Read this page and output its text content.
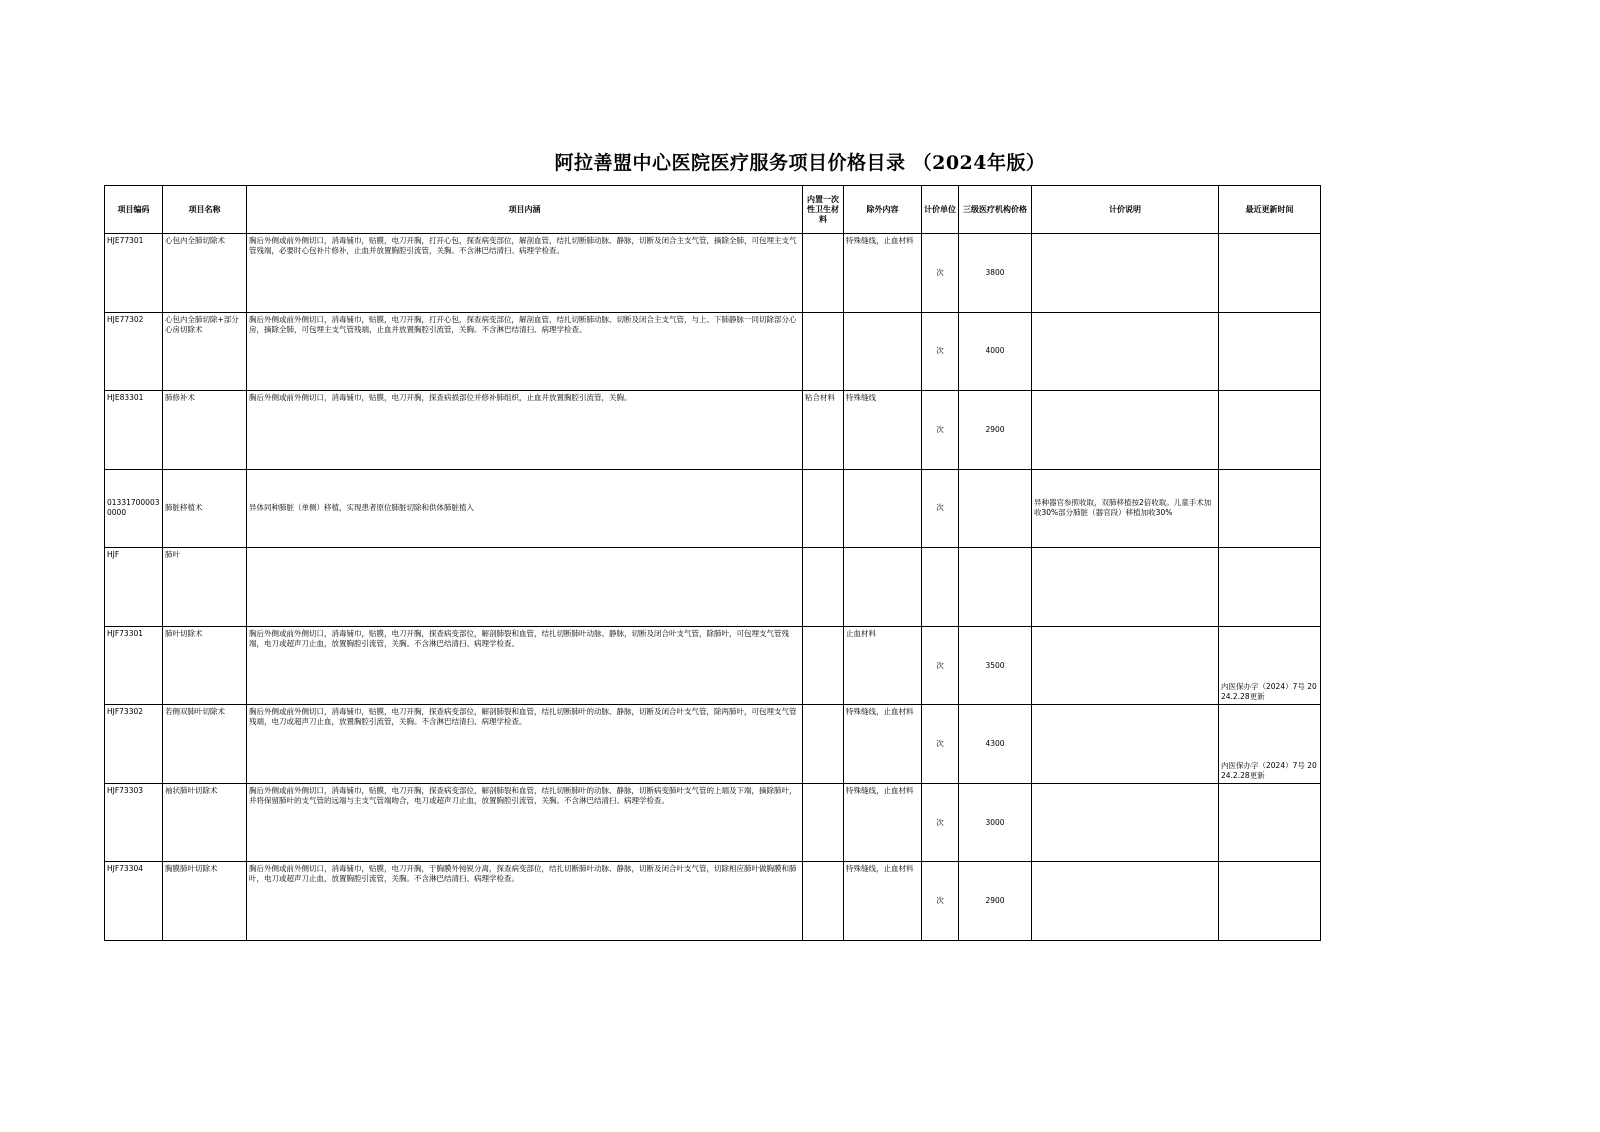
阿拉善盟中心医院医疗服务项目价格目录 （2024年版）
项目编码	项目名称	项目内涵	内置一次性卫生材料	除外内容	计价单位	三级医疗机构价格	计价说明	最近更新时间
HJE77301	心包内全肺切除术	胸后外侧或前外侧切口，消毒铺巾，贴膜，电刀开胸，打开心包，探查病变部位，解剖血管，结扎切断肺动脉、静脉，切断及闭合主支气管，摘除全肺，可包埋主支气管残端，必要时心包补片修补，止血并放置胸腔引流管，关胸。不含淋巴结清扫、病理学检查。		特殊缝线，止血材料	次	3800		
HJE77302	心包内全肺切除+部分心房切除术	胸后外侧或前外侧切口，消毒铺巾，贴膜，电刀开胸，打开心包，探查病变部位，解剖血管，结扎切断肺动脉、切断及闭合主支气管，与上、下肺静脉一同切除部分心房，摘除全肺，可包埋主支气管残端，止血并放置胸腔引流管，关胸。不含淋巴结清扫、病理学检查。			次	4000		
HJE83301	肺修补术	胸后外侧或前外侧切口，消毒铺巾，贴膜，电刀开胸，探查病损部位并修补肺组织，止血并放置胸腔引流管，关胸。	粘合材料	特殊缝线	次	2900		
013317000030000	肺脏移植术	异体同种肺脏（单侧）移植，实现患者原位肺脏切除和供体肺脏植入			次		异种器官参照收取，双肺移植按2倍收取。儿童手术加收30%部分肺脏（器官段）移植加收30%	
HJF	肺叶							
HJF73301	肺叶切除术	胸后外侧或前外侧切口，消毒铺巾，贴膜，电刀开胸，探查病变部位，解剖肺裂和血管，结扎切断肺叶动脉、静脉，切断及闭合叶支气管，除肺叶，可包埋支气管残端，电刀或超声刀止血，放置胸腔引流管，关胸。不含淋巴结清扫、病理学检查。		止血材料	次	3500		内医保办字（2024）7号 2024.2.28更新
HJF73302	若侧双肺叶切除术	胸后外侧或前外侧切口，消毒铺巾，贴膜，电刀开胸，探查病变部位，解剖肺裂和血管，结扎切断肺叶的动脉、静脉，切断及闭合叶支气管，除两肺叶，可包埋支气管残端，电刀或超声刀止血，放置胸腔引流管，关胸。不含淋巴结清扫、病理学检查。		特殊缝线，止血材料	次	4300		内医保办字（2024）7号 2024.2.28更新
HJF73303	袖状肺叶切除术	胸后外侧或前外侧切口，消毒铺巾，贴膜，电刀开胸，探查病变部位，解剖肺裂和血管，结扎切断肺叶的动脉、静脉，切断病变肺叶支气管的上端及下端，摘除肺叶，并将保留肺叶的支气管的远端与主支气管端吻合，电刀或超声刀止血，放置胸腔引流管，关胸。不含淋巴结清扫、病理学检查。		特殊缝线，止血材料	次	3000		
HJF73304	胸膜肺叶切除术	胸后外侧或前外侧切口，消毒铺巾，贴膜，电刀开胸，于胸膜外钝锐分离，探查病变部位，结扎切断肺叶动脉、静脉，切断及闭合叶支气管，切除相应肺叶做胸膜和肺叶，电刀或超声刀止血，放置胸腔引流管，关胸。不含淋巴结清扫、病理学检查。		特殊缝线，止血材料	次	2900		
